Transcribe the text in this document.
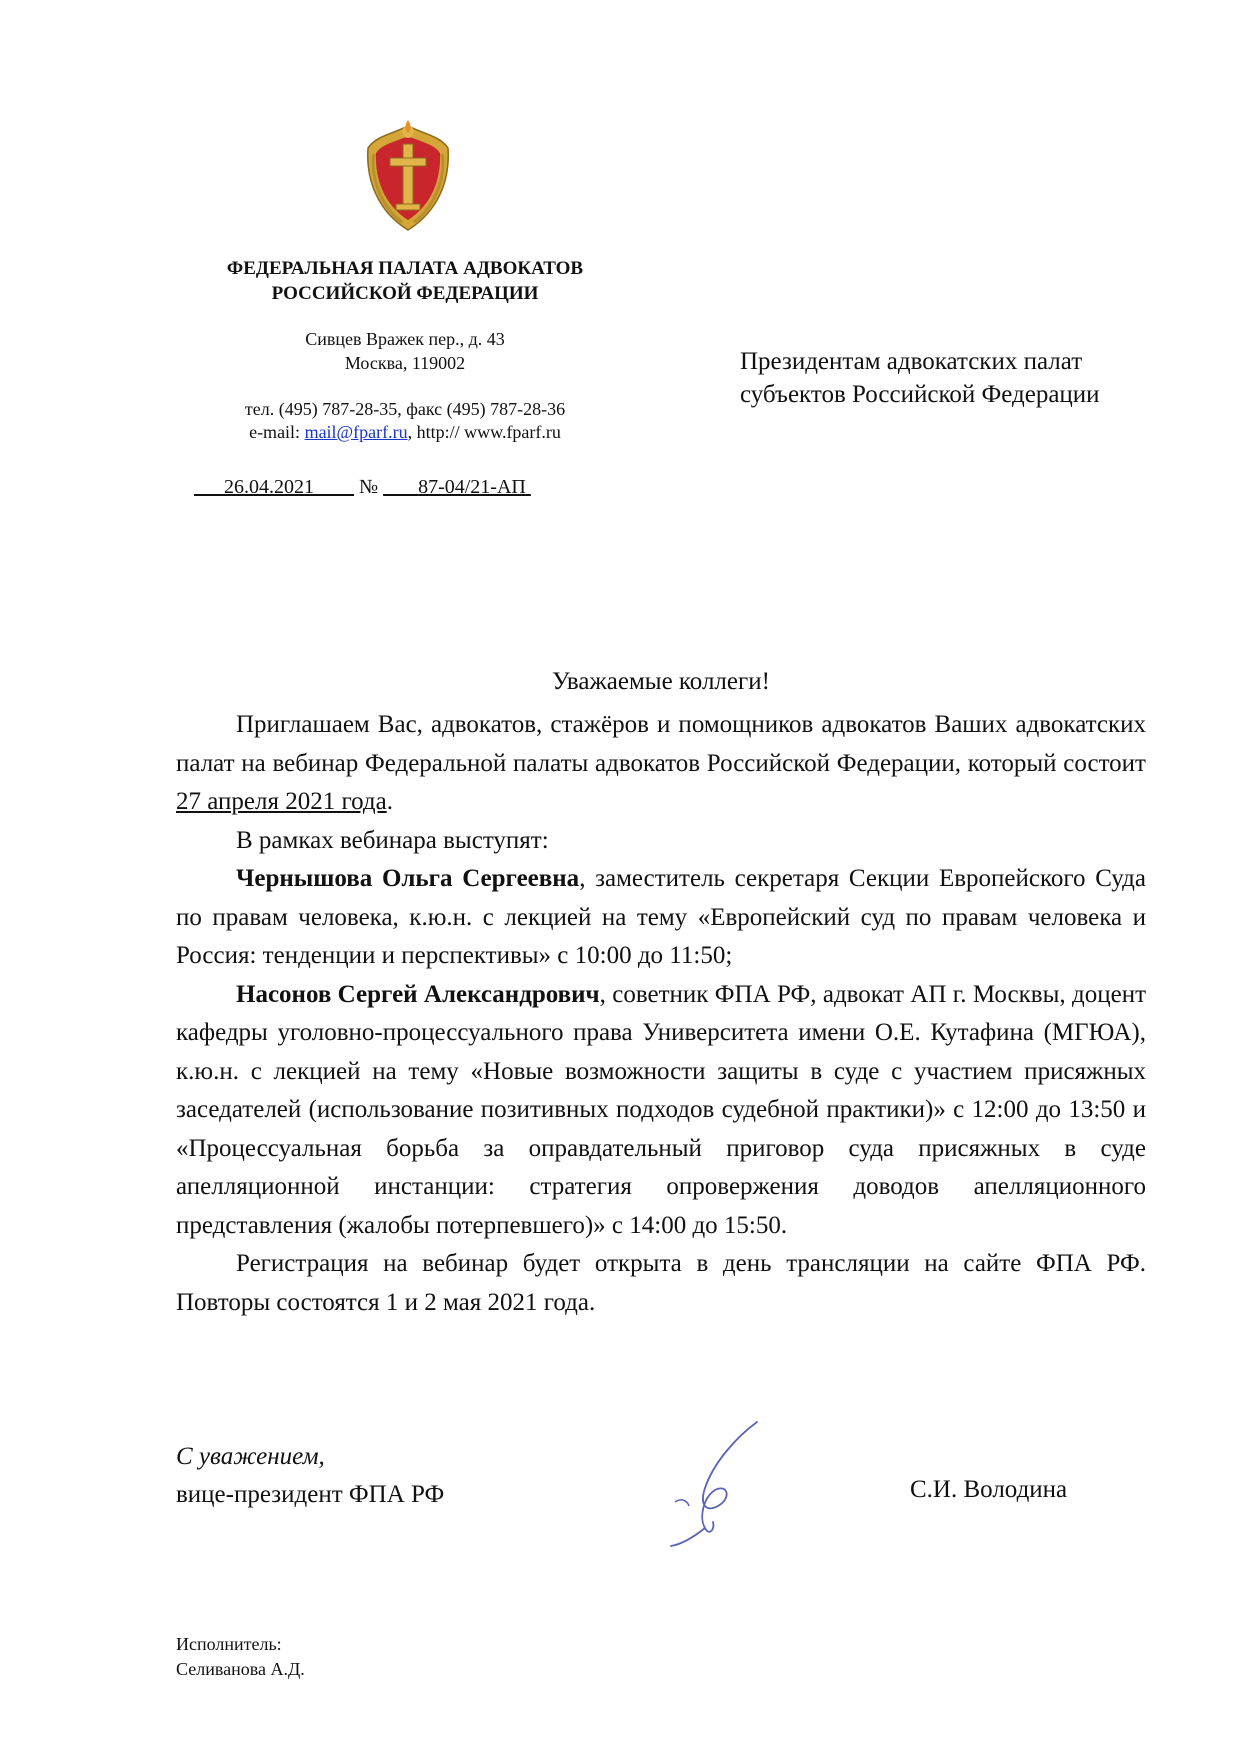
ФЕДЕРАЛЬНАЯ ПАЛАТА АДВОКАТОВ
РОССИЙСКОЙ ФЕДЕРАЦИИ
Сивцев Вражек пер., д. 43
Москва, 119002
тел. (495) 787-28-35, факс (495) 787-28-36
e-mail: mail@fparf.ru, http:// www.fparf.ru
26.04.2021 № 87-04/21-АП
Президентам адвокатских палат
субъектов Российской Федерации
Уважаемые коллеги!

Приглашаем Вас, адвокатов, стажёров и помощников адвокатов Ваших адвокатских палат на вебинар Федеральной палаты адвокатов Российской Федерации, который состоит 27 апреля 2021 года.

В рамках вебинара выступят:

Чернышова Ольга Сергеевна, заместитель секретаря Секции Европейского Суда по правам человека, к.ю.н. с лекцией на тему «Европейский суд по правам человека и Россия: тенденции и перспективы» с 10:00 до 11:50;

Насонов Сергей Александрович, советник ФПА РФ, адвокат АП г. Москвы, доцент кафедры уголовно-процессуального права Университета имени О.Е. Кутафина (МГЮА), к.ю.н. с лекцией на тему «Новые возможности защиты в суде с участием присяжных заседателей (использование позитивных подходов судебной практики)» с 12:00 до 13:50 и «Процессуальная борьба за оправдательный приговор суда присяжных в суде апелляционной инстанции: стратегия опровержения доводов апелляционного представления (жалобы потерпевшего)» с 14:00 до 15:50.

Регистрация на вебинар будет открыта в день трансляции на сайте ФПА РФ. Повторы состоятся 1 и 2 мая 2021 года.

С уважением,
вице-президент ФПА РФ	С.И. Володина
Исполнитель:
Селиванова А.Д.
